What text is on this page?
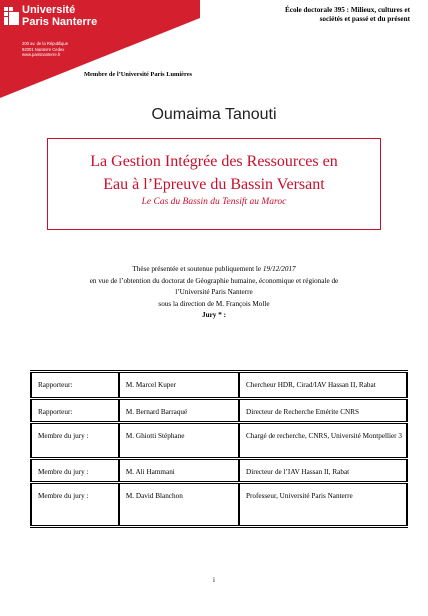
Université
Paris Nanterre
200 av. de la République
92001 Nanterre Cedex
www.parisnanterre.fr
École doctorale 395 : Milieux, cultures et sociétés et passé et du présent
Membre de l’Université Paris Lumières
Oumaima Tanouti
La Gestion Intégrée des Ressources en
Eau à l’Epreuve du Bassin Versant
Le Cas du Bassin du Tensift au Maroc
Thèse présentée et soutenue publiquement le 19/12/2017
en vue de l’obtention du doctorat de Géographie humaine, économique et régionale de
l’Université Paris Nanterre
sous la direction de M. François Molle
Jury * :
Rapporteur:	M. Marcel Kuper	Chercheur HDR, Cirad/IAV Hassan II, Rabat
Rapporteur:	M. Bernard Barraqué	Directeur de Recherche Emérite CNRS
Membre du jury :	M. Ghiotti Stéphane	Chargé de recherche, CNRS, Université Montpellier 3
Membre du jury :	M. Ali Hammani	Directeur de l’IAV Hassan II, Rabat
Membre du jury :	M. David Blanchon	Professeur, Université Paris Nanterre
i
